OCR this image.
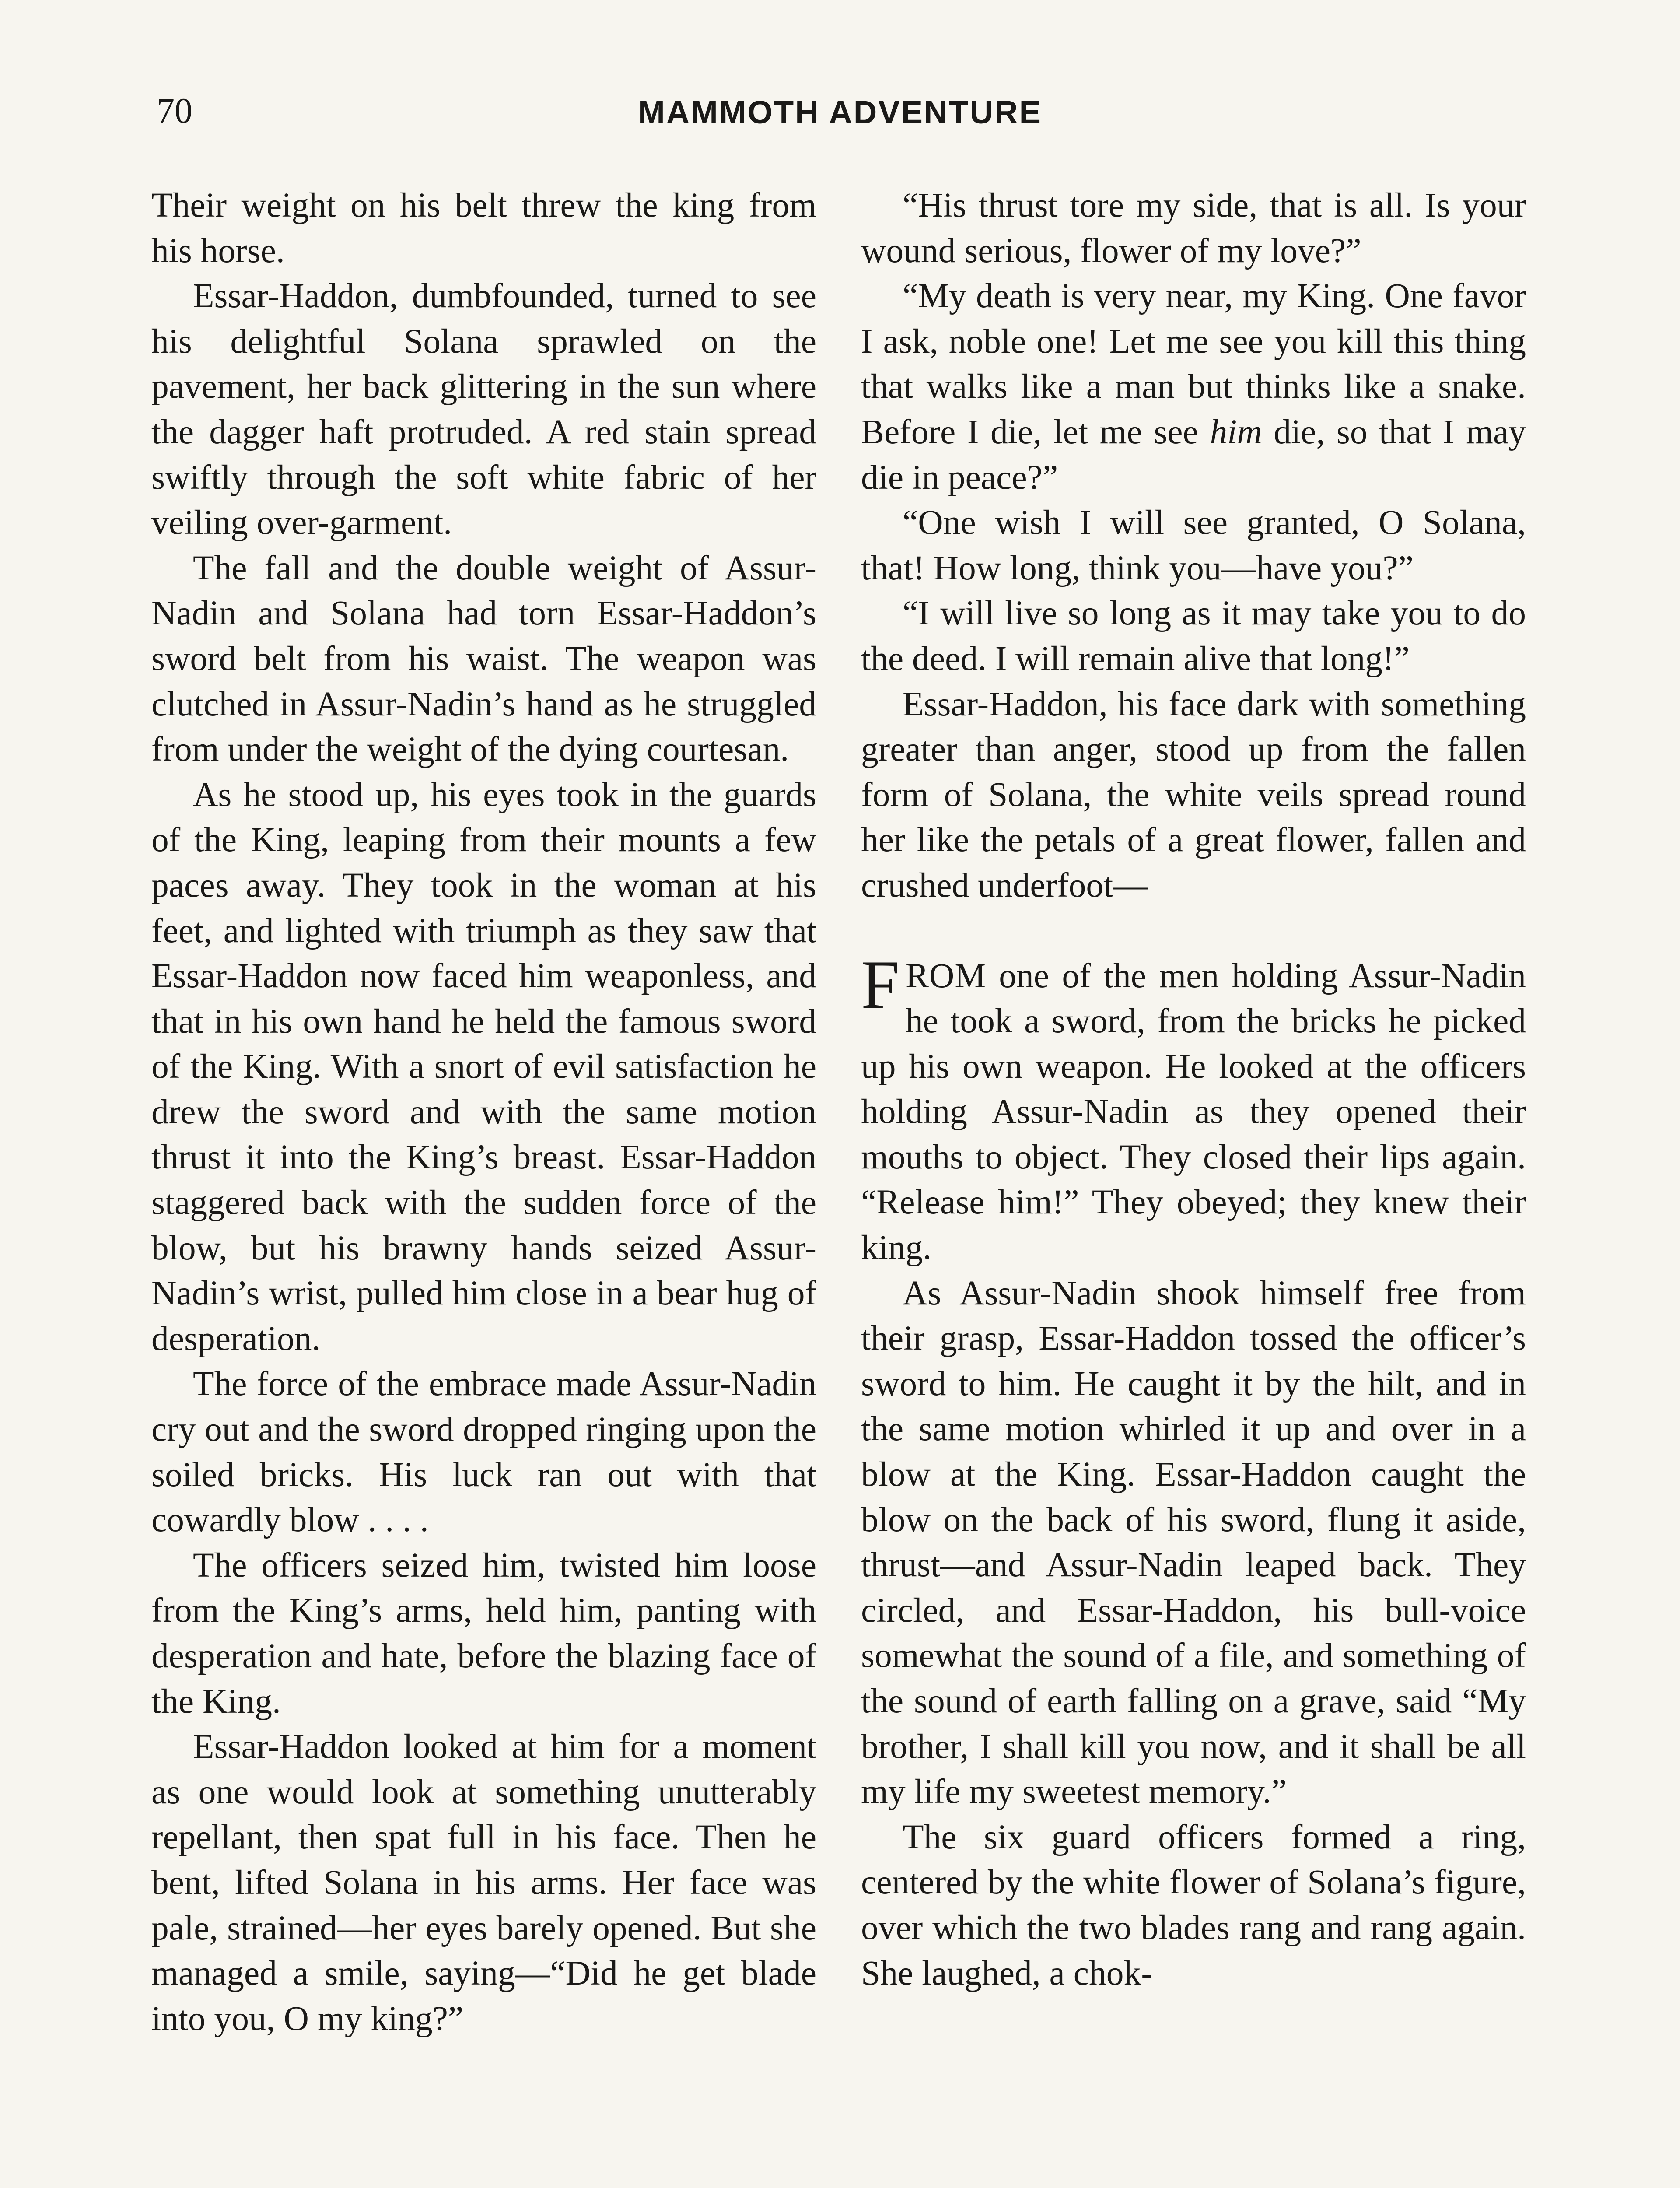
70	MAMMOTH ADVENTURE

Their weight on his belt threw the king from his horse.

Essar-Haddon, dumbfounded, turned to see his delightful Solana sprawled on the pavement, her back glittering in the sun where the dagger haft protruded. A red stain spread swiftly through the soft white fabric of her veiling over-garment.

The fall and the double weight of Assur-Nadin and Solana had torn Essar-Haddon’s sword belt from his waist. The weapon was clutched in Assur-Nadin’s hand as he struggled from under the weight of the dying courtesan.

As he stood up, his eyes took in the guards of the King, leaping from their mounts a few paces away. They took in the woman at his feet, and lighted with triumph as they saw that Essar-Haddon now faced him weaponless, and that in his own hand he held the famous sword of the King. With a snort of evil satisfaction he drew the sword and with the same motion thrust it into the King’s breast. Essar-Haddon staggered back with the sudden force of the blow, but his brawny hands seized Assur-Nadin’s wrist, pulled him close in a bear hug of desperation.

The force of the embrace made Assur-Nadin cry out and the sword dropped ringing upon the soiled bricks. His luck ran out with that cowardly blow . . . .

The officers seized him, twisted him loose from the King’s arms, held him, panting with desperation and hate, before the blazing face of the King.

Essar-Haddon looked at him for a moment as one would look at something unutterably repellant, then spat full in his face. Then he bent, lifted Solana in his arms. Her face was pale, strained—her eyes barely opened. But she managed a smile, saying—“Did he get blade into you, O my king?”

“His thrust tore my side, that is all. Is your wound serious, flower of my love?”

“My death is very near, my King. One favor I ask, noble one! Let me see you kill this thing that walks like a man but thinks like a snake. Before I die, let me see him die, so that I may die in peace?”

“One wish I will see granted, O Solana, that! How long, think you—have you?”

“I will live so long as it may take you to do the deed. I will remain alive that long!”

Essar-Haddon, his face dark with something greater than anger, stood up from the fallen form of Solana, the white veils spread round her like the petals of a great flower, fallen and crushed underfoot—

FROM one of the men holding Assur-Nadin he took a sword, from the bricks he picked up his own weapon. He looked at the officers holding Assur-Nadin as they opened their mouths to object. They closed their lips again. “Release him!” They obeyed; they knew their king.

As Assur-Nadin shook himself free from their grasp, Essar-Haddon tossed the officer’s sword to him. He caught it by the hilt, and in the same motion whirled it up and over in a blow at the King. Essar-Haddon caught the blow on the back of his sword, flung it aside, thrust—and Assur-Nadin leaped back. They circled, and Essar-Haddon, his bull-voice somewhat the sound of a file, and something of the sound of earth falling on a grave, said “My brother, I shall kill you now, and it shall be all my life my sweetest memory.”

The six guard officers formed a ring, centered by the white flower of Solana’s figure, over which the two blades rang and rang again. She laughed, a chok-
